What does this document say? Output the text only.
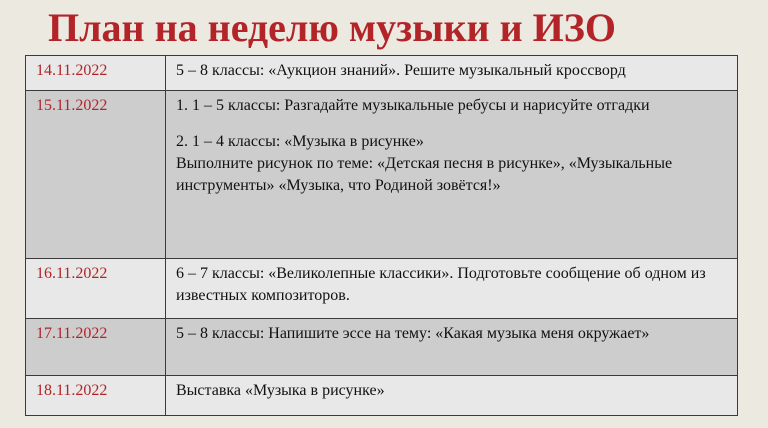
План на неделю музыки и ИЗО
14.11.2022	5 – 8 классы: «Аукцион знаний». Решите музыкальный кроссворд

15.11.2022	1. 1 – 5 классы: Разгадайте музыкальные ребусы и нарисуйте отгадки
2. 1 – 4 классы: «Музыка в рисунке»
Выполните рисунок по теме: «Детская песня в рисунке», «Музыкальные инструменты» «Музыка, что Родиной зовётся!»

16.11.2022	6 – 7 классы: «Великолепные классики». Подготовьте сообщение об одном из известных композиторов.

17.11.2022	5 – 8 классы: Напишите эссе на тему: «Какая музыка меня окружает»

18.11.2022	Выставка «Музыка в рисунке»
